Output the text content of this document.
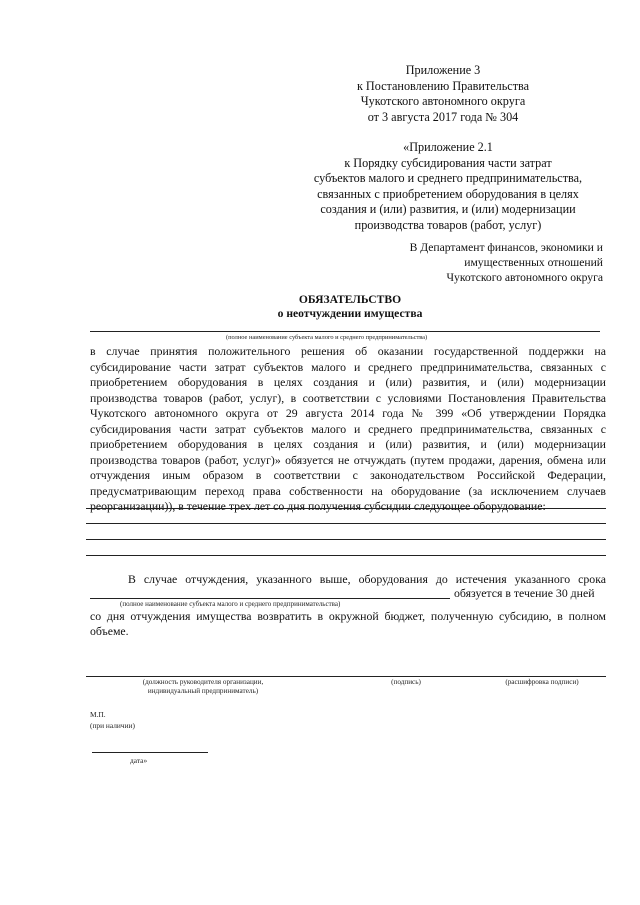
Приложение 3
к Постановлению Правительства
Чукотского автономного округа
от 3 августа 2017 года № 304
«Приложение 2.1
к Порядку субсидирования части затрат
субъектов малого и среднего предпринимательства,
связанных с приобретением оборудования в целях
создания и (или) развития, и (или) модернизации
производства товаров (работ, услуг)
В Департамент финансов, экономики и
имущественных отношений
Чукотского автономного округа
ОБЯЗАТЕЛЬСТВО
о неотчуждении имущества
(полное наименование субъекта малого и среднего предпринимательства)
в случае принятия положительного решения об оказании государственной поддержки на
субсидирование части затрат субъектов малого и среднего предпринимательства, связанных с
приобретением оборудования в целях создания и (или) развития, и (или) модернизации
производства товаров (работ, услуг), в соответствии с условиями Постановления Правительства
Чукотского автономного округа от 29 августа 2014 года № 399 «Об утверждении Порядка
субсидирования части затрат субъектов малого и среднего предпринимательства, связанных с
приобретением оборудования в целях создания и (или) развития, и (или) модернизации
производства товаров (работ, услуг)» обязуется не отчуждать (путем продажи, дарения, обмена или
отчуждения иным образом в соответствии с законодательством Российской Федерации,
предусматривающим переход права собственности на оборудование (за исключением случаев
реорганизации)), в течение трех лет со дня получения субсидии следующее оборудование:
В случае отчуждения, указанного выше, оборудования до истечения указанного срока
обязуется в течение 30 дней
(полное наименование субъекта малого и среднего предпринимательства)
со дня отчуждения имущества возвратить в окружной бюджет, полученную субсидию, в полном
объеме.
(должность руководителя организации,
индивидуальный предприниматель)
(подпись)	(расшифровка подписи)
М.П.
(при наличии)
дата»
